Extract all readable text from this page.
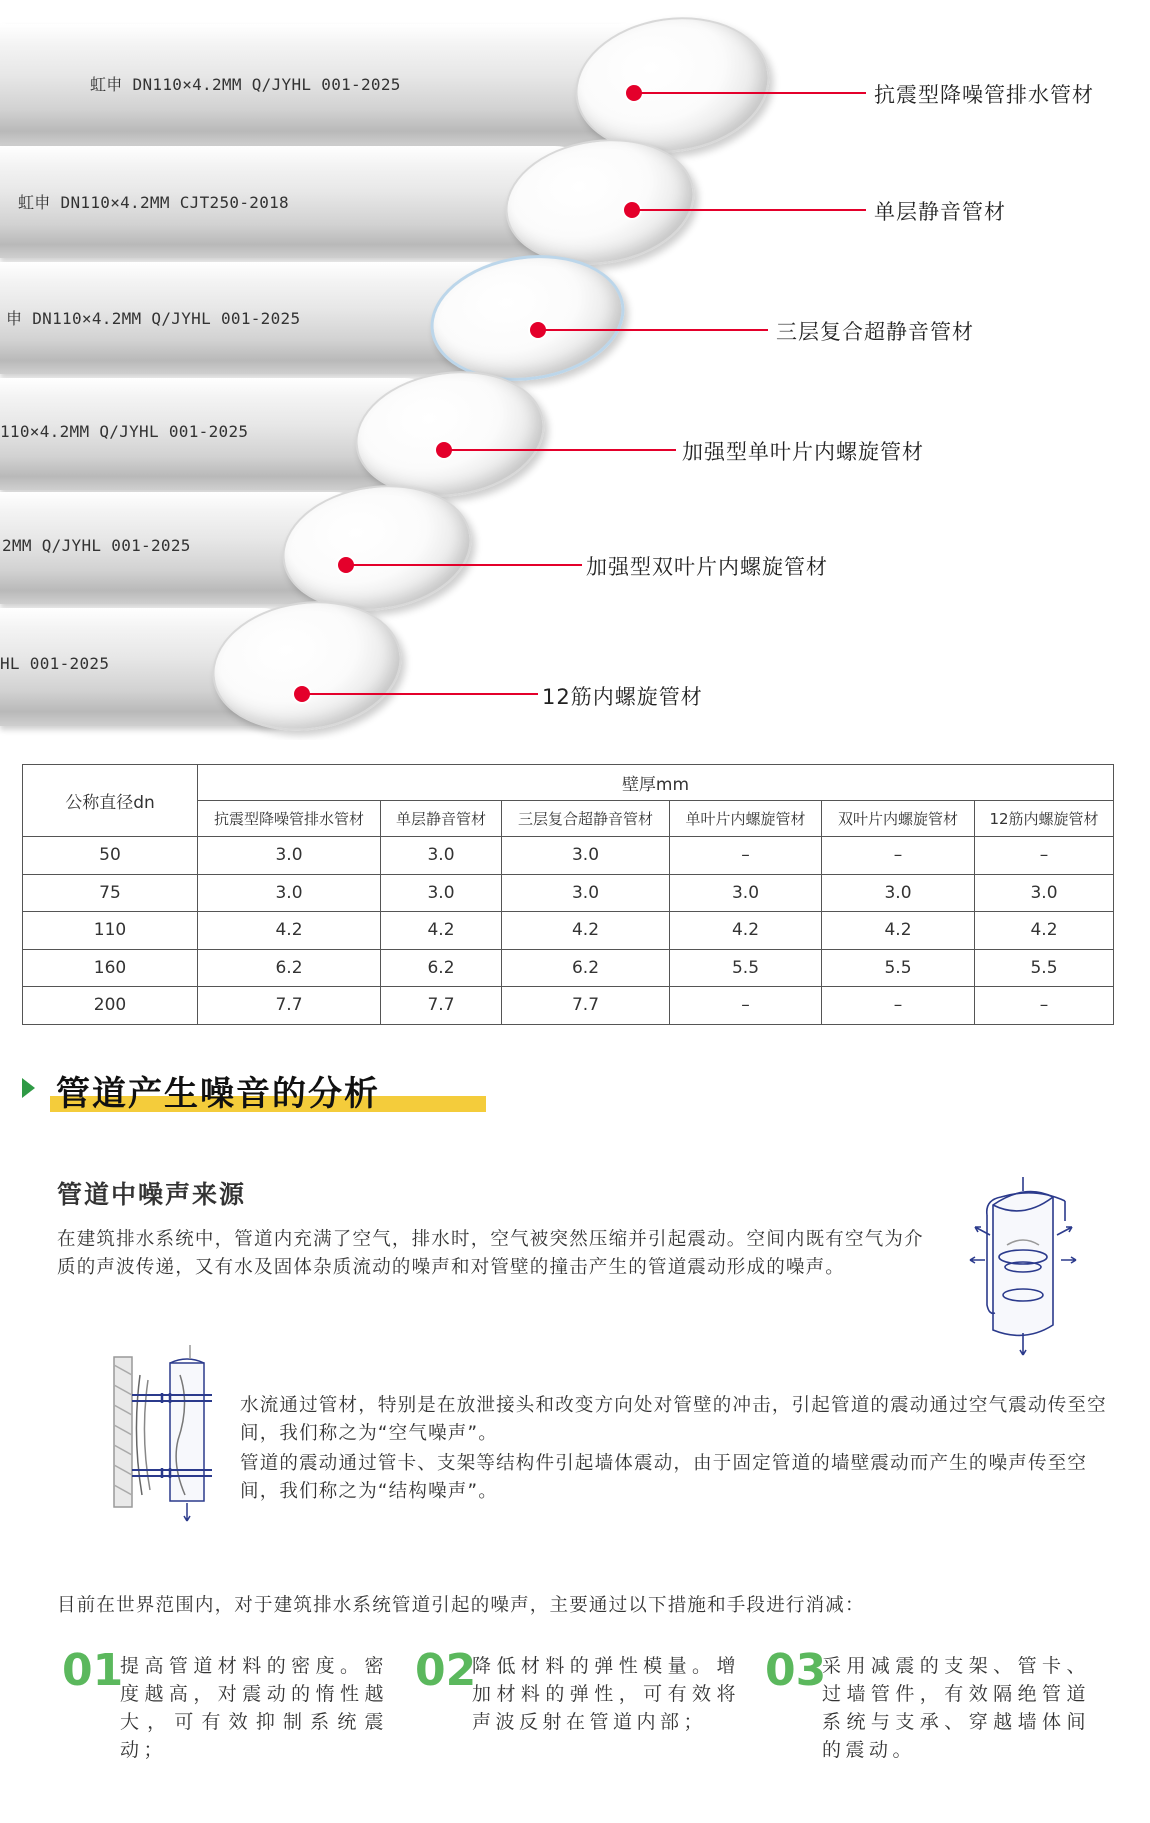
虹申 DN110×4.2MM Q/JYHL 001-2025	抗震型降噪管排水管材
虹申 DN110×4.2MM CJT250-2018	单层静音管材
申 DN110×4.2MM Q/JYHL 001-2025
三层复合超静音管材
110×4.2MM Q/JYHL 001-2025
加强型单叶片内螺旋管材
2MM Q/JYHL 001-2025
加强型双叶片内螺旋管材
HL 001-2025
12筋内螺旋管材
公称直径dn	壁厚mm					
	抗震型降噪管排水管材	单层静音管材	三层复合超静音管材	单叶片内螺旋管材	双叶片内螺旋管材	12筋内螺旋管材
50	3.0	3.0	3.0	–	–	–
75	3.0	3.0	3.0	3.0	3.0	3.0
110	4.2	4.2	4.2	4.2	4.2	4.2
160	6.2	6.2	6.2	5.5	5.5	5.5
200	7.7	7.7	7.7	–	–	–
管道产生噪音的分析
管道中噪声来源
在建筑排水系统中，管道内充满了空气，排水时，空气被突然压缩并引起震动。空间内既有空气为介质的声波传递，又有水及固体杂质流动的噪声和对管壁的撞击产生的管道震动形成的噪声。
水流通过管材，特别是在放泄接头和改变方向处对管壁的冲击，引起管道的震动通过空气震动传至空间，我们称之为“空气噪声”。
管道的震动通过管卡、支架等结构件引起墙体震动，由于固定管道的墙壁震动而产生的噪声传至空间，我们称之为“结构噪声”。
目前在世界范围内，对于建筑排水系统管道引起的噪声，主要通过以下措施和手段进行消减：
01
提高管道材料的密度。密度越高，对震动的惰性越大，可有效抑制系统震动；
02
降低材料的弹性模量。增加材料的弹性，可有效将声波反射在管道内部；
03
采用减震的支架、管卡、过墙管件，有效隔绝管道系统与支承、穿越墙体间的震动。
